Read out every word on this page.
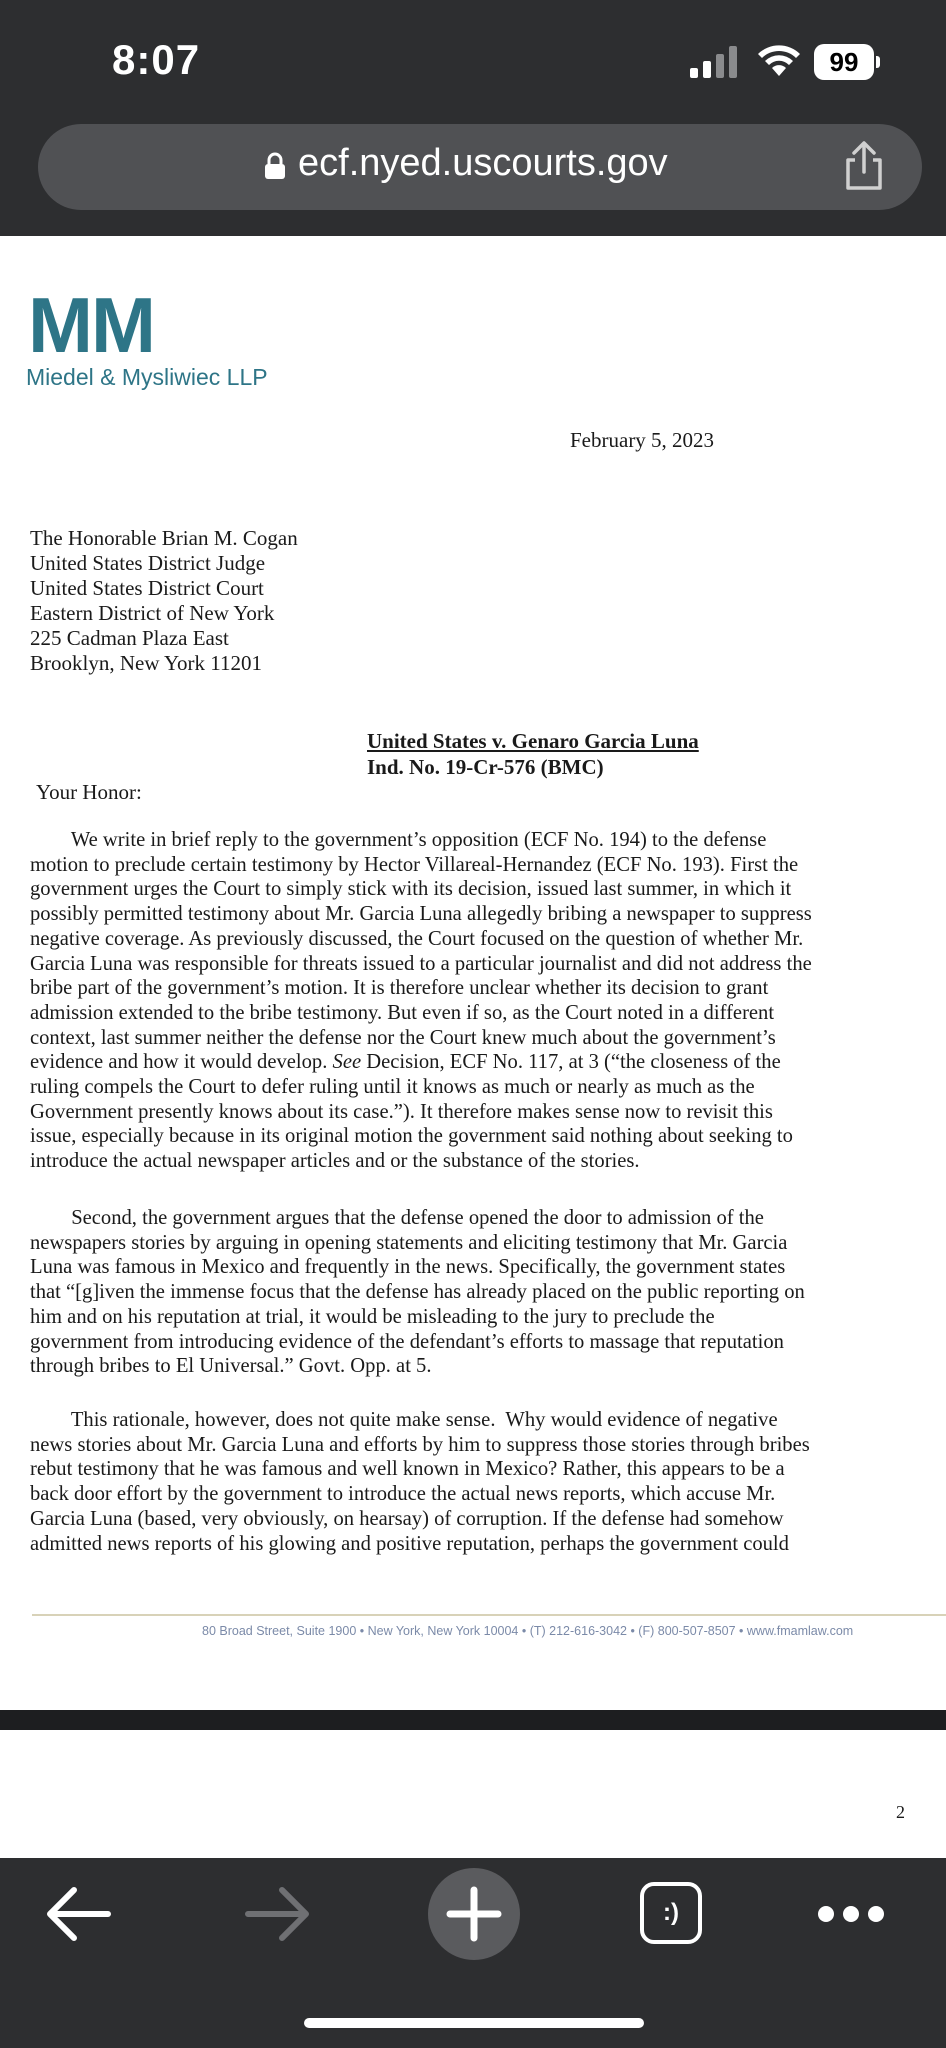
8:07	99
ecf.nyed.uscourts.gov
MM
Miedel & Mysliwiec LLP
February 5, 2023
The Honorable Brian M. Cogan
United States District Judge
United States District Court
Eastern District of New York
225 Cadman Plaza East
Brooklyn, New York 11201
United States v. Genaro Garcia Luna
Ind. No. 19-Cr-576 (BMC)
Your Honor:
We write in brief reply to the government’s opposition (ECF No. 194) to the defense
motion to preclude certain testimony by Hector Villareal-Hernandez (ECF No. 193). First the
government urges the Court to simply stick with its decision, issued last summer, in which it
possibly permitted testimony about Mr. Garcia Luna allegedly bribing a newspaper to suppress
negative coverage. As previously discussed, the Court focused on the question of whether Mr.
Garcia Luna was responsible for threats issued to a particular journalist and did not address the
bribe part of the government’s motion. It is therefore unclear whether its decision to grant
admission extended to the bribe testimony. But even if so, as the Court noted in a different
context, last summer neither the defense nor the Court knew much about the government’s
evidence and how it would develop. See Decision, ECF No. 117, at 3 (“the closeness of the
ruling compels the Court to defer ruling until it knows as much or nearly as much as the
Government presently knows about its case.”). It therefore makes sense now to revisit this
issue, especially because in its original motion the government said nothing about seeking to
introduce the actual newspaper articles and or the substance of the stories.
Second, the government argues that the defense opened the door to admission of the
newspapers stories by arguing in opening statements and eliciting testimony that Mr. Garcia
Luna was famous in Mexico and frequently in the news. Specifically, the government states
that “[g]iven the immense focus that the defense has already placed on the public reporting on
him and on his reputation at trial, it would be misleading to the jury to preclude the
government from introducing evidence of the defendant’s efforts to massage that reputation
through bribes to El Universal.” Govt. Opp. at 5.
This rationale, however, does not quite make sense.  Why would evidence of negative
news stories about Mr. Garcia Luna and efforts by him to suppress those stories through bribes
rebut testimony that he was famous and well known in Mexico? Rather, this appears to be a
back door effort by the government to introduce the actual news reports, which accuse Mr.
Garcia Luna (based, very obviously, on hearsay) of corruption. If the defense had somehow
admitted news reports of his glowing and positive reputation, perhaps the government could
80 Broad Street, Suite 1900 • New York, New York 10004 • (T) 212-616-3042 • (F) 800-507-8507 • www.fmamlaw.com
2
:)
